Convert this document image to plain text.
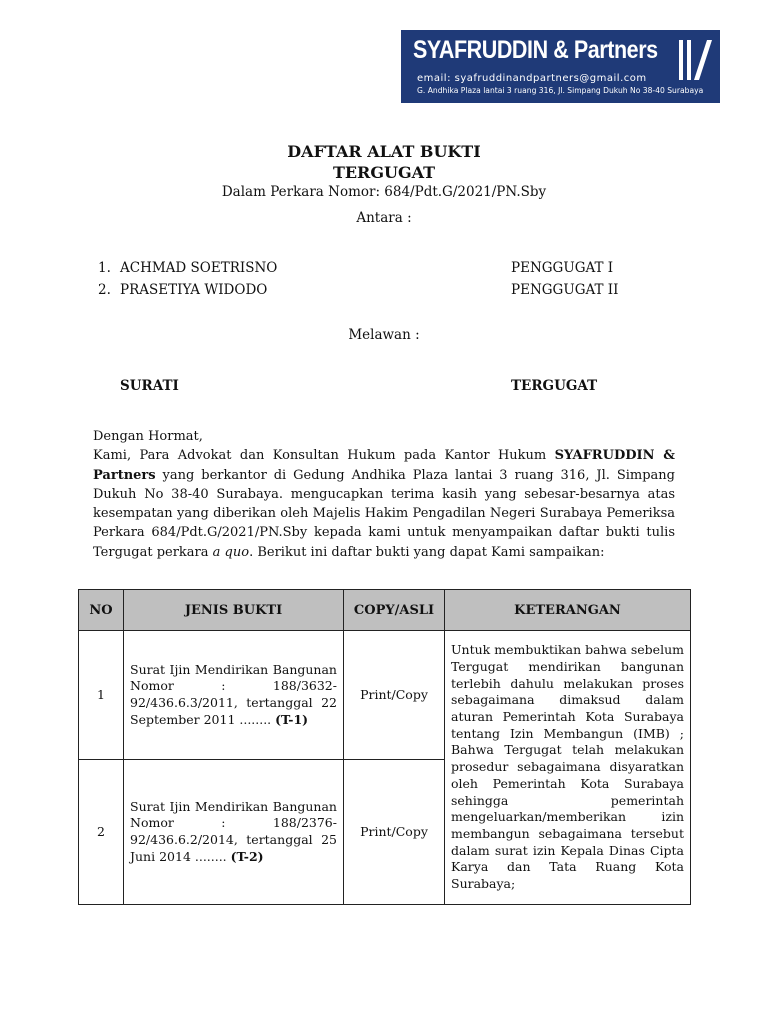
SYAFRUDDIN & Partners
email: syafruddinandpartners@gmail.com
G. Andhika Plaza lantai 3 ruang 316, Jl. Simpang Dukuh No 38-40 Surabaya
DAFTAR ALAT BUKTI
TERGUGAT
Dalam Perkara Nomor: 684/Pdt.G/2021/PN.Sby
Antara :
1. ACHMAD SOETRISNO	PENGGUGAT I
2. PRASETIYA WIDODO	PENGGUGAT II
Melawan :
SURATI	TERGUGAT

Dengan Hormat,

Kami, Para Advokat dan Konsultan Hukum pada Kantor Hukum SYAFRUDDIN & Partners yang berkantor di Gedung Andhika Plaza lantai 3 ruang 316, Jl. Simpang Dukuh No 38-40 Surabaya. mengucapkan terima kasih yang sebesar-besarnya atas kesempatan yang diberikan oleh Majelis Hakim Pengadilan Negeri Surabaya Pemeriksa Perkara 684/Pdt.G/2021/PN.Sby kepada kami untuk menyampaikan daftar bukti tulis Tergugat perkara a quo. Berikut ini daftar bukti yang dapat Kami sampaikan:

NO	JENIS BUKTI	COPY/ASLI	KETERANGAN
1	Surat Ijin Mendirikan Bangunan Nomor : 188/3632-92/436.6.3/2011, tertanggal 22 September 2011 ........ (T-1)	Print/Copy	Untuk membuktikan bahwa sebelum Tergugat mendirikan bangunan terlebih dahulu melakukan proses sebagaimana dimaksud dalam aturan Pemerintah Kota Surabaya tentang Izin Membangun (IMB) ; Bahwa Tergugat telah melakukan prosedur sebagaimana disyaratkan oleh Pemerintah Kota Surabaya sehingga pemerintah mengeluarkan/memberikan izin membangun sebagaimana tersebut dalam surat izin Kepala Dinas Cipta Karya dan Tata Ruang Kota Surabaya;
2	Surat Ijin Mendirikan Bangunan Nomor : 188/2376-92/436.6.2/2014, tertanggal 25 Juni 2014 ........ (T-2)	Print/Copy	
